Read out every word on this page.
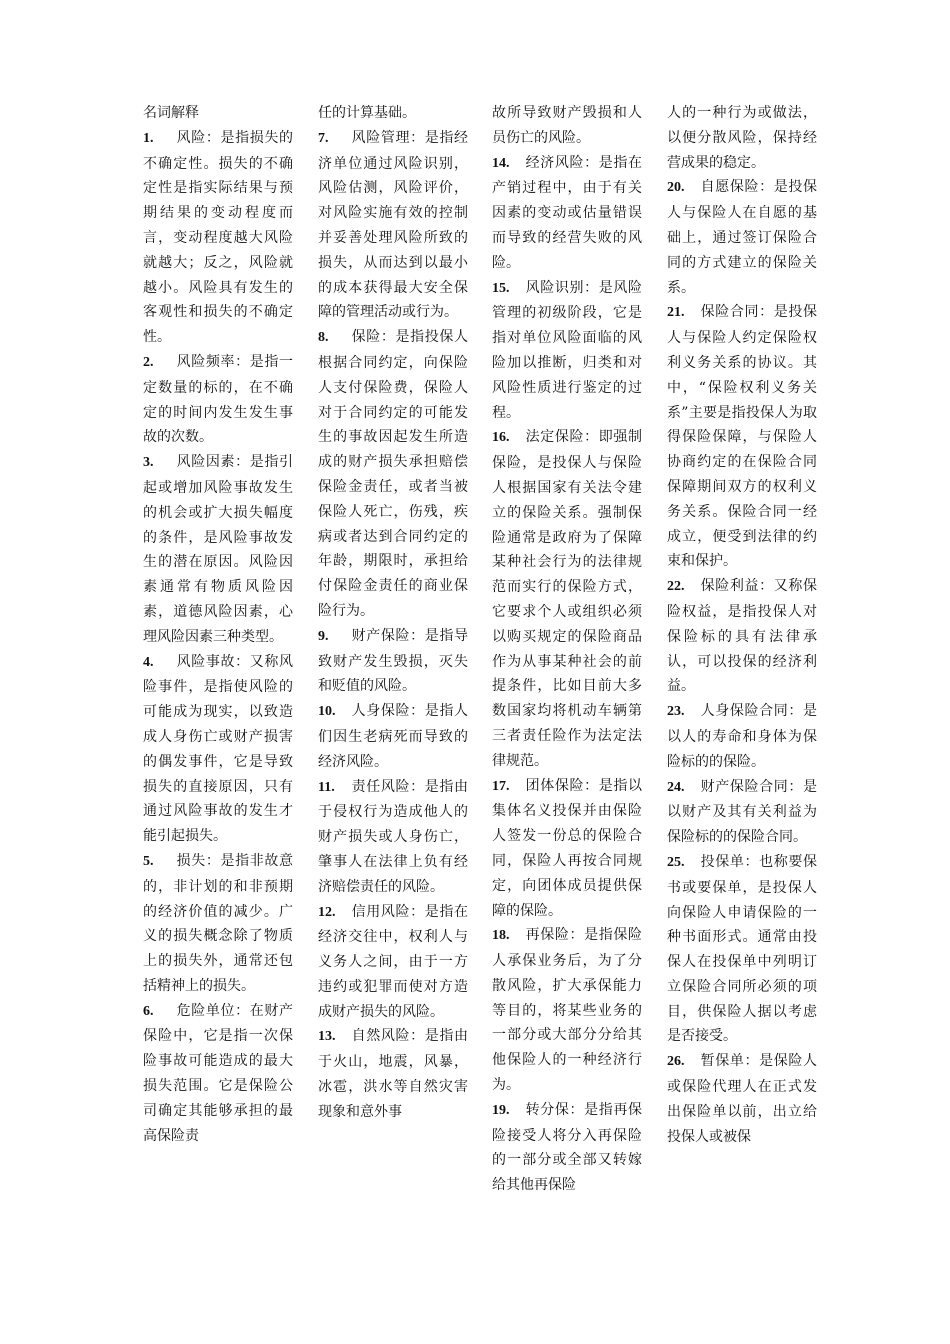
名词解释

1. 风险：是指损失的不确定性。损失的不确定性是指实际结果与预期结果的变动程度而言，变动程度越大风险就越大；反之，风险就越小。风险具有发生的客观性和损失的不确定性。

2. 风险频率：是指一定数量的标的，在不确定的时间内发生发生事故的次数。

3. 风险因素：是指引起或增加风险事故发生的机会或扩大损失幅度的条件，是风险事故发生的潜在原因。风险因素通常有物质风险因素，道德风险因素，心理风险因素三种类型。

4. 风险事故：又称风险事件，是指使风险的可能成为现实，以致造成人身伤亡或财产损害的偶发事件，它是导致损失的直接原因，只有通过风险事故的发生才能引起损失。

5. 损失：是指非故意的，非计划的和非预期的经济价值的减少。广义的损失概念除了物质上的损失外，通常还包括精神上的损失。

6. 危险单位：在财产保险中，它是指一次保险事故可能造成的最大损失范围。它是保险公司确定其能够承担的最高保险责

任的计算基础。

7. 风险管理：是指经济单位通过风险识别，风险估测，风险评价，对风险实施有效的控制并妥善处理风险所致的损失，从而达到以最小的成本获得最大安全保障的管理活动或行为。

8. 保险：是指投保人根据合同约定，向保险人支付保险费，保险人对于合同约定的可能发生的事故因起发生所造成的财产损失承担赔偿保险金责任，或者当被保险人死亡，伤残，疾病或者达到合同约定的年龄，期限时，承担给付保险金责任的商业保险行为。

9. 财产保险：是指导致财产发生毁损，灭失和贬值的风险。

10. 人身保险：是指人们因生老病死而导致的经济风险。

11. 责任风险：是指由于侵权行为造成他人的财产损失或人身伤亡，肇事人在法律上负有经济赔偿责任的风险。

12. 信用风险：是指在经济交往中，权利人与义务人之间，由于一方违约或犯罪而使对方造成财产损失的风险。

13. 自然风险：是指由于火山，地震，风暴，冰雹，洪水等自然灾害现象和意外事

故所导致财产毁损和人员伤亡的风险。

14. 经济风险：是指在产销过程中，由于有关因素的变动或估量错误而导致的经营失败的风险。

15. 风险识别：是风险管理的初级阶段，它是指对单位风险面临的风险加以推断，归类和对风险性质进行鉴定的过程。

16. 法定保险：即强制保险，是投保人与保险人根据国家有关法令建立的保险关系。强制保险通常是政府为了保障某种社会行为的法律规范而实行的保险方式，它要求个人或组织必须以购买规定的保险商品作为从事某种社会的前提条件，比如目前大多数国家均将机动车辆第三者责任险作为法定法律规范。

17. 团体保险：是指以集体名义投保并由保险人签发一份总的保险合同，保险人再按合同规定，向团体成员提供保障的保险。

18. 再保险：是指保险人承保业务后，为了分散风险，扩大承保能力等目的，将某些业务的一部分或大部分分给其他保险人的一种经济行为。

19. 转分保：是指再保险接受人将分入再保险的一部分或全部又转嫁给其他再保险

人的一种行为或做法，以便分散风险，保持经营成果的稳定。

20. 自愿保险：是投保人与保险人在自愿的基础上，通过签订保险合同的方式建立的保险关系。

21. 保险合同：是投保人与保险人约定保险权利义务关系的协议。其中，“保险权利义务关系”主要是指投保人为取得保险保障，与保险人协商约定的在保险合同保障期间双方的权利义务关系。保险合同一经成立，便受到法律的约束和保护。

22. 保险利益：又称保险权益，是指投保人对保险标的具有法律承认，可以投保的经济利益。

23. 人身保险合同：是以人的寿命和身体为保险标的的保险。

24. 财产保险合同：是以财产及其有关利益为保险标的的保险合同。

25. 投保单：也称要保书或要保单，是投保人向保险人申请保险的一种书面形式。通常由投保人在投保单中列明订立保险合同所必须的项目，供保险人据以考虑是否接受。

26. 暂保单：是保险人或保险代理人在正式发出保险单以前，出立给投保人或被保
